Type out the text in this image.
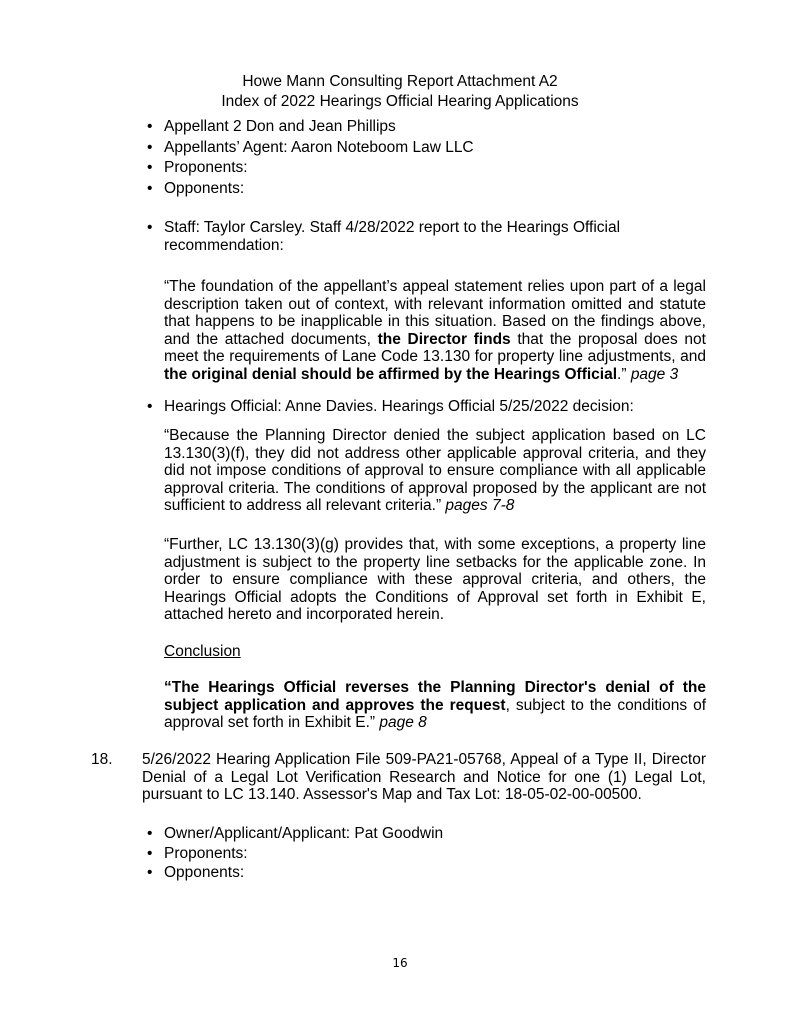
Howe Mann Consulting Report Attachment A2
Index of 2022 Hearings Official Hearing Applications
• Appellant 2 Don and Jean Phillips
• Appellants’ Agent: Aaron Noteboom Law LLC
• Proponents:
• Opponents:
• Staff: Taylor Carsley. Staff 4/28/2022 report to the Hearings Official recommendation:
“The foundation of the appellant’s appeal statement relies upon part of a legal description taken out of context, with relevant information omitted and statute that happens to be inapplicable in this situation. Based on the findings above, and the attached documents, the Director finds that the proposal does not meet the requirements of Lane Code 13.130 for property line adjustments, and the original denial should be affirmed by the Hearings Official.” page 3
• Hearings Official: Anne Davies. Hearings Official 5/25/2022 decision:
“Because the Planning Director denied the subject application based on LC 13.130(3)(f), they did not address other applicable approval criteria, and they did not impose conditions of approval to ensure compliance with all applicable approval criteria. The conditions of approval proposed by the applicant are not sufficient to address all relevant criteria.” pages 7-8
“Further, LC 13.130(3)(g) provides that, with some exceptions, a property line adjustment is subject to the property line setbacks for the applicable zone. In order to ensure compliance with these approval criteria, and others, the Hearings Official adopts the Conditions of Approval set forth in Exhibit E, attached hereto and incorporated herein.
Conclusion
“The Hearings Official reverses the Planning Director's denial of the subject application and approves the request, subject to the conditions of approval set forth in Exhibit E.” page 8
18.	5/26/2022 Hearing Application File 509-PA21-05768, Appeal of a Type II, Director Denial of a Legal Lot Verification Research and Notice for one (1) Legal Lot, pursuant to LC 13.140. Assessor's Map and Tax Lot: 18-05-02-00-00500.
• Owner/Applicant/Applicant: Pat Goodwin
• Proponents:
• Opponents:
16
